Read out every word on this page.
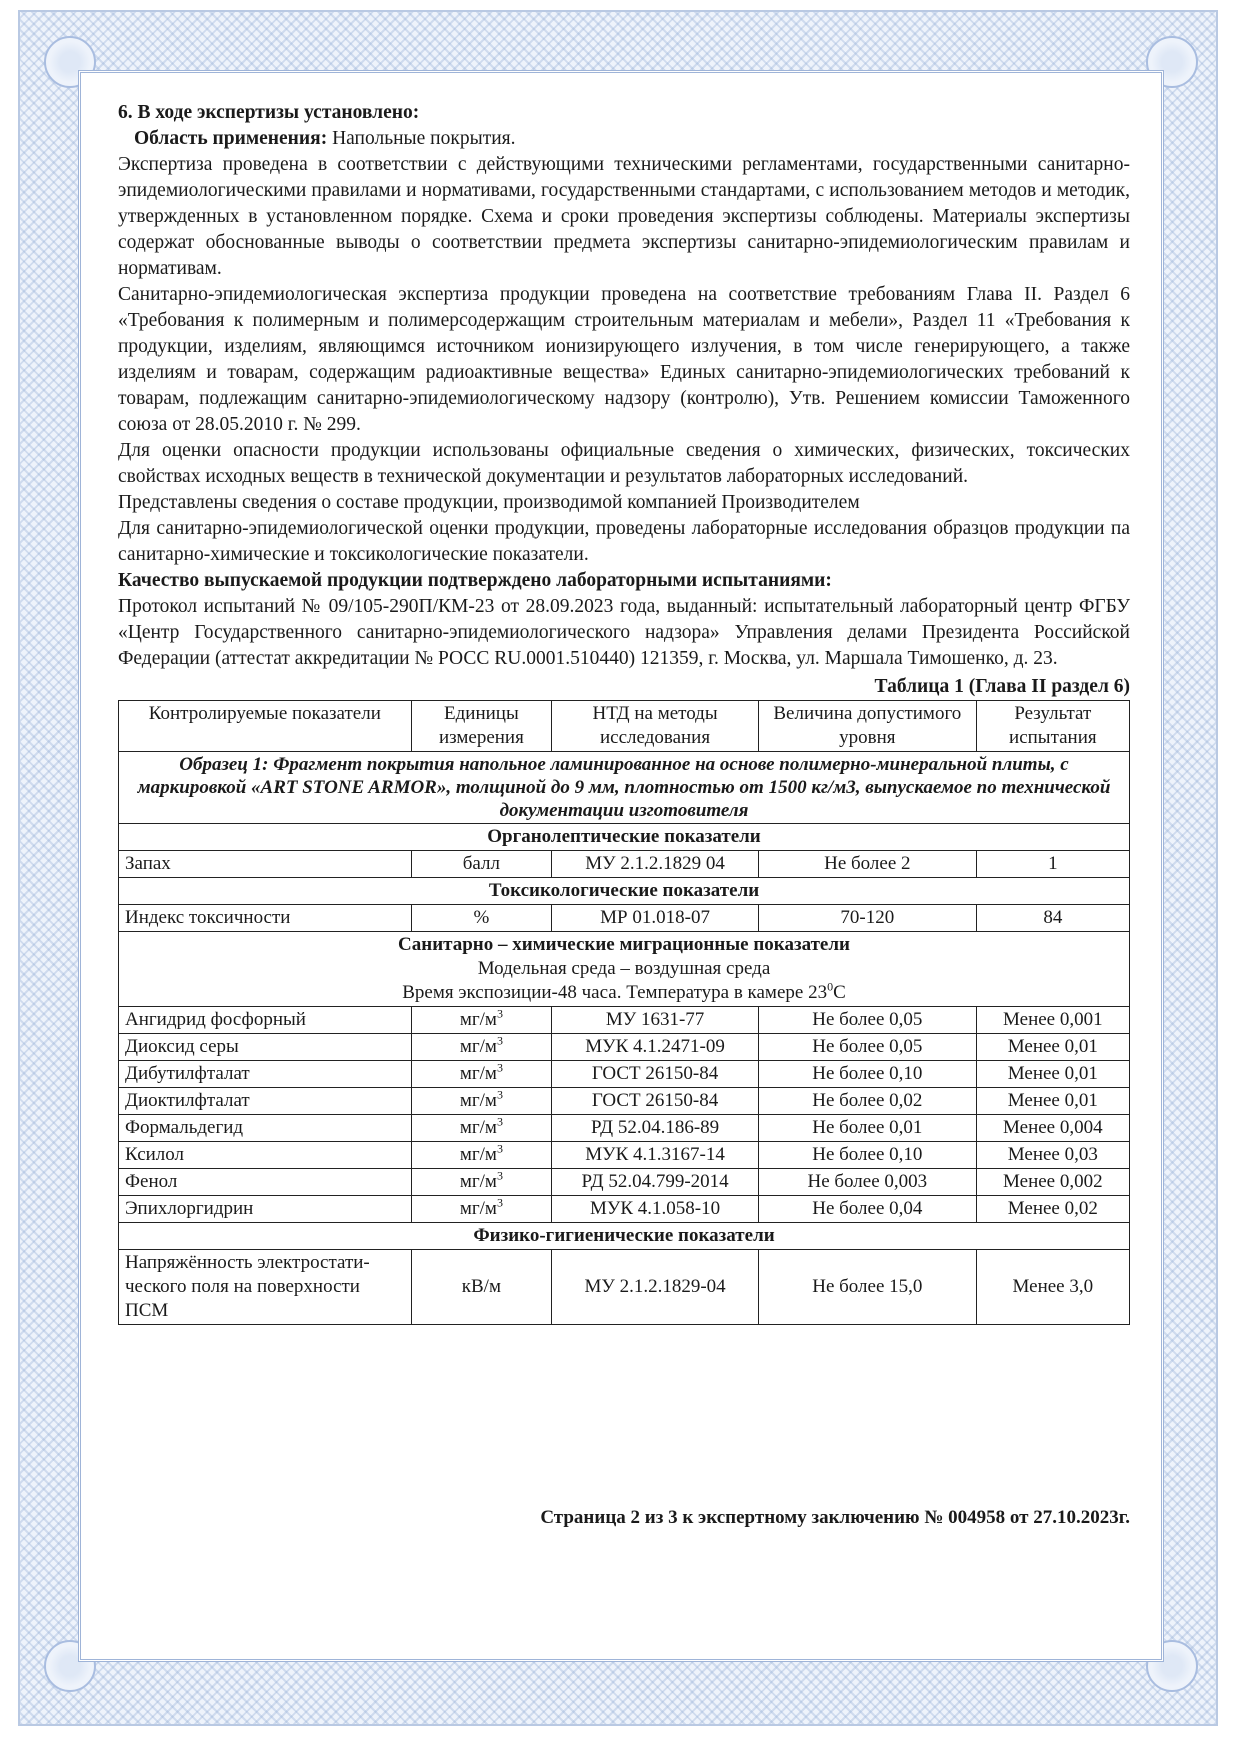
6. В ходе экспертизы установлено:
Область применения: Напольные покрытия.

Экспертиза проведена в соответствии с действующими техническими регламентами, государственными санитарно-эпидемиологическими правилами и нормативами, государственными стандартами, с использованием методов и методик, утвержденных в установленном порядке. Схема и сроки проведения экспертизы соблюдены. Материалы экспертизы содержат обоснованные выводы о соответствии предмета экспертизы санитарно-эпидемиологическим правилам и нормативам.

Санитарно-эпидемиологическая экспертиза продукции проведена на соответствие требованиям Глава II. Раздел 6 «Требования к полимерным и полимерсодержащим строительным материалам и мебели», Раздел 11 «Требования к продукции, изделиям, являющимся источником ионизирующего излучения, в том числе генерирующего, а также изделиям и товарам, содержащим радиоактивные вещества» Единых санитарно-эпидемиологических требований к товарам, подлежащим санитарно-эпидемиологическому надзору (контролю), Утв. Решением комиссии Таможенного союза от 28.05.2010 г. № 299.

Для оценки опасности продукции использованы официальные сведения о химических, физических, токсических свойствах исходных веществ в технической документации и результатов лабораторных исследований.

Представлены сведения о составе продукции, производимой компанией Производителем

Для санитарно-эпидемиологической оценки продукции, проведены лабораторные исследования образцов продукции па санитарно-химические и токсикологические показатели.

Качество выпускаемой продукции подтверждено лабораторными испытаниями:

Протокол испытаний № 09/105-290П/КМ-23 от 28.09.2023 года, выданный: испытательный лабораторный центр ФГБУ «Центр Государственного санитарно-эпидемиологического надзора» Управления делами Президента Российской Федерации (аттестат аккредитации № РОСС RU.0001.510440) 121359, г. Москва, ул. Маршала Тимошенко, д. 23.

Таблица 1 (Глава II раздел 6)
Контролируемые показатели	Единицы измерения	НТД на методы исследования	Величина допустимого уровня	Результат испытания
Образец 1: Фрагмент покрытия напольное ламинированное на основе полимерно-минеральной плиты, с маркировкой «ART STONE ARMOR», толщиной до 9 мм, плотностью от 1500 кг/м3, выпускаемое по технической документации изготовителя				
Органолептические показатели				
Запах	балл	МУ 2.1.2.1829 04	Не более 2	1
Токсикологические показатели				
Индекс токсичности	%	МР 01.018-07	70-120	84

Санитарно – химические миграционные показатели
Модельная среда – воздушная среда
Время экспозиции-48 часа. Температура в камере $23^0С$				

Ангидрид фосфорный	$мг/м^3$	МУ 1631-77	Не более 0,05	Менее 0,001
Диоксид серы	$мг/м^3$	МУК 4.1.2471-09	Не более 0,05	Менее 0,01
Дибутилфталат	$мг/м^3$	ГОСТ 26150-84	Не более 0,10	Менее 0,01
Диоктилфталат	$мг/м^3$	ГОСТ 26150-84	Не более 0,02	Менее 0,01
Формальдегид	$мг/м^3$	РД 52.04.186-89	Не более 0,01	Менее 0,004
Ксилол	$мг/м^3$	МУК 4.1.3167-14	Не более 0,10	Менее 0,03
Фенол	$мг/м^3$	РД 52.04.799-2014	Не более 0,003	Менее 0,002
Эпихлоргидрин	$мг/м^3$	МУК 4.1.058-10	Не более 0,04	Менее 0,02
Физико-гигиенические показатели				
Напряжённость электростати-ческого поля на поверхности ПСМ	кВ/м	МУ 2.1.2.1829-04	Не более 15,0	Менее 3,0
Страница 2 из 3 к экспертному заключению № 004958 от 27.10.2023г.
